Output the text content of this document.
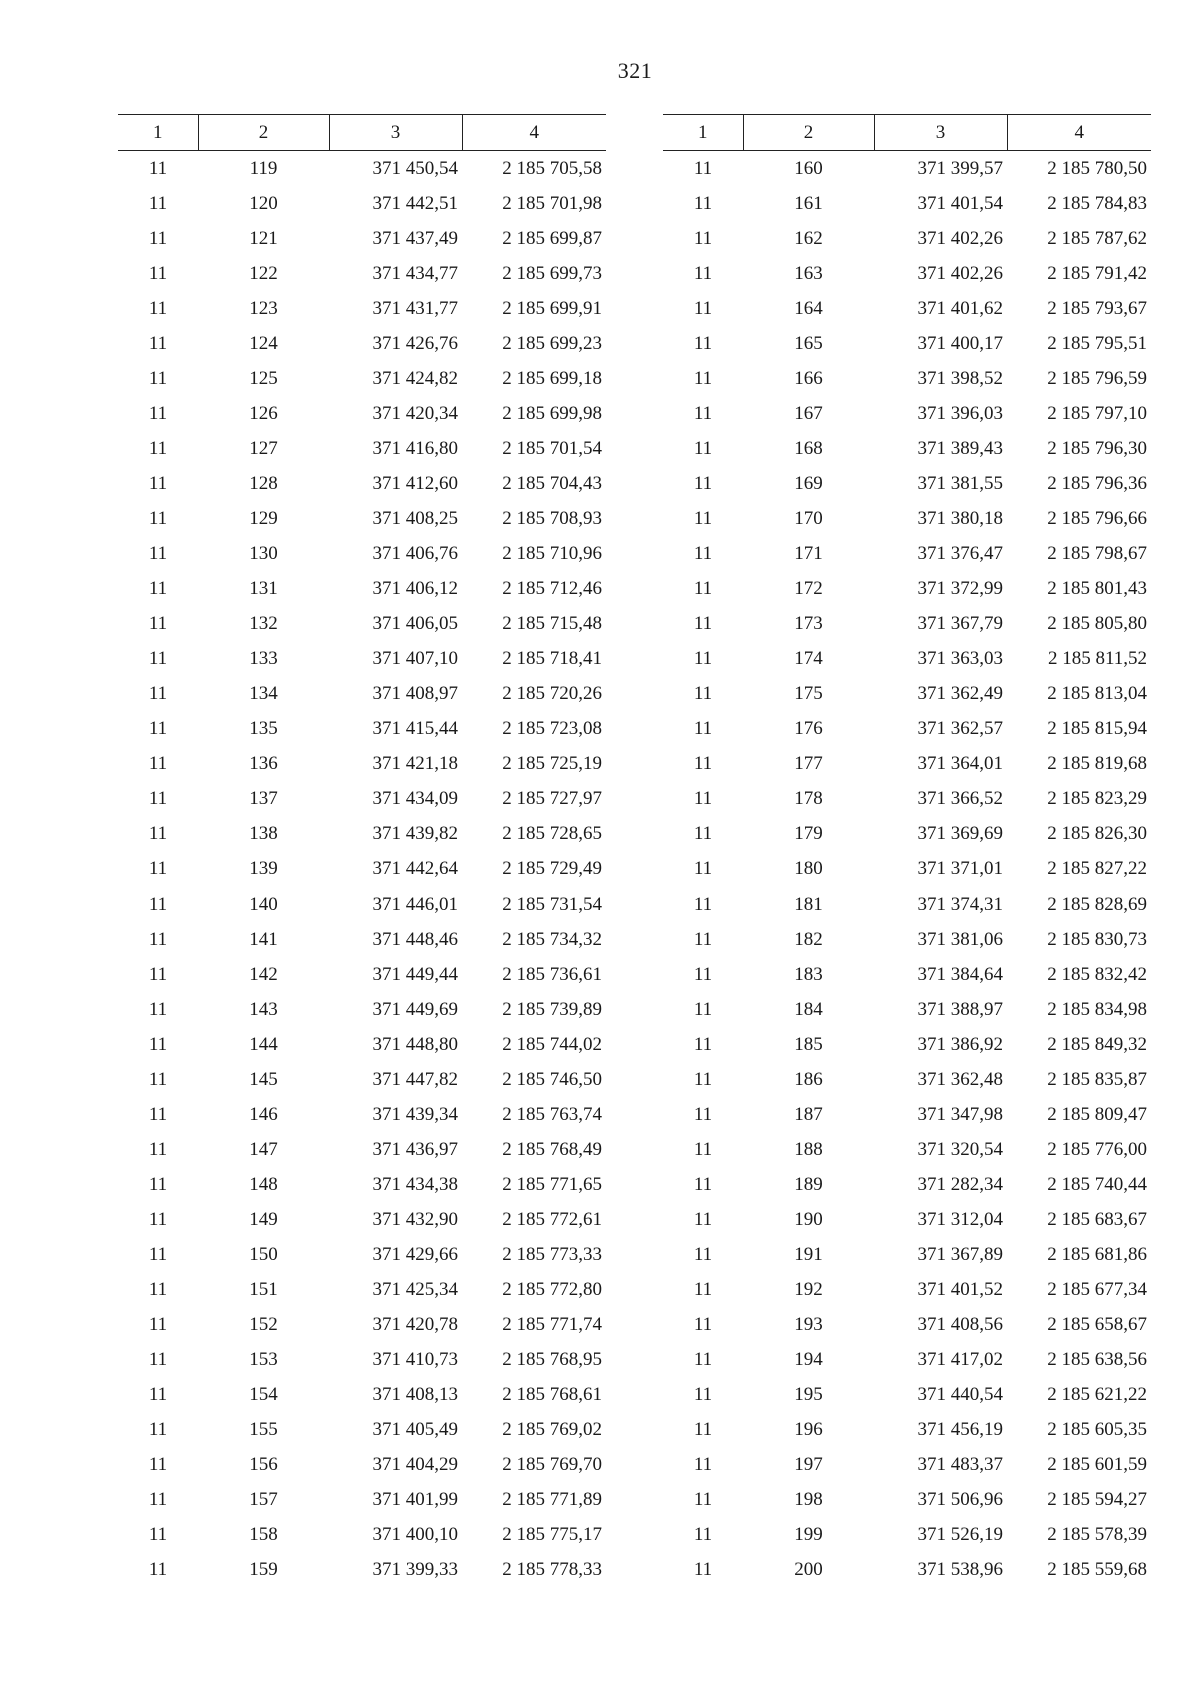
321
1	2	3	4
11	119	371 450,54	2 185 705,58
11	120	371 442,51	2 185 701,98
11	121	371 437,49	2 185 699,87
11	122	371 434,77	2 185 699,73
11	123	371 431,77	2 185 699,91
11	124	371 426,76	2 185 699,23
11	125	371 424,82	2 185 699,18
11	126	371 420,34	2 185 699,98
11	127	371 416,80	2 185 701,54
11	128	371 412,60	2 185 704,43
11	129	371 408,25	2 185 708,93
11	130	371 406,76	2 185 710,96
11	131	371 406,12	2 185 712,46
11	132	371 406,05	2 185 715,48
11	133	371 407,10	2 185 718,41
11	134	371 408,97	2 185 720,26
11	135	371 415,44	2 185 723,08
11	136	371 421,18	2 185 725,19
11	137	371 434,09	2 185 727,97
11	138	371 439,82	2 185 728,65
11	139	371 442,64	2 185 729,49
11	140	371 446,01	2 185 731,54
11	141	371 448,46	2 185 734,32
11	142	371 449,44	2 185 736,61
11	143	371 449,69	2 185 739,89
11	144	371 448,80	2 185 744,02
11	145	371 447,82	2 185 746,50
11	146	371 439,34	2 185 763,74
11	147	371 436,97	2 185 768,49
11	148	371 434,38	2 185 771,65
11	149	371 432,90	2 185 772,61
11	150	371 429,66	2 185 773,33
11	151	371 425,34	2 185 772,80
11	152	371 420,78	2 185 771,74
11	153	371 410,73	2 185 768,95
11	154	371 408,13	2 185 768,61
11	155	371 405,49	2 185 769,02
11	156	371 404,29	2 185 769,70
11	157	371 401,99	2 185 771,89
11	158	371 400,10	2 185 775,17
11	159	371 399,33	2 185 778,33
1	2	3	4
11	160	371 399,57	2 185 780,50
11	161	371 401,54	2 185 784,83
11	162	371 402,26	2 185 787,62
11	163	371 402,26	2 185 791,42
11	164	371 401,62	2 185 793,67
11	165	371 400,17	2 185 795,51
11	166	371 398,52	2 185 796,59
11	167	371 396,03	2 185 797,10
11	168	371 389,43	2 185 796,30
11	169	371 381,55	2 185 796,36
11	170	371 380,18	2 185 796,66
11	171	371 376,47	2 185 798,67
11	172	371 372,99	2 185 801,43
11	173	371 367,79	2 185 805,80
11	174	371 363,03	2 185 811,52
11	175	371 362,49	2 185 813,04
11	176	371 362,57	2 185 815,94
11	177	371 364,01	2 185 819,68
11	178	371 366,52	2 185 823,29
11	179	371 369,69	2 185 826,30
11	180	371 371,01	2 185 827,22
11	181	371 374,31	2 185 828,69
11	182	371 381,06	2 185 830,73
11	183	371 384,64	2 185 832,42
11	184	371 388,97	2 185 834,98
11	185	371 386,92	2 185 849,32
11	186	371 362,48	2 185 835,87
11	187	371 347,98	2 185 809,47
11	188	371 320,54	2 185 776,00
11	189	371 282,34	2 185 740,44
11	190	371 312,04	2 185 683,67
11	191	371 367,89	2 185 681,86
11	192	371 401,52	2 185 677,34
11	193	371 408,56	2 185 658,67
11	194	371 417,02	2 185 638,56
11	195	371 440,54	2 185 621,22
11	196	371 456,19	2 185 605,35
11	197	371 483,37	2 185 601,59
11	198	371 506,96	2 185 594,27
11	199	371 526,19	2 185 578,39
11	200	371 538,96	2 185 559,68
